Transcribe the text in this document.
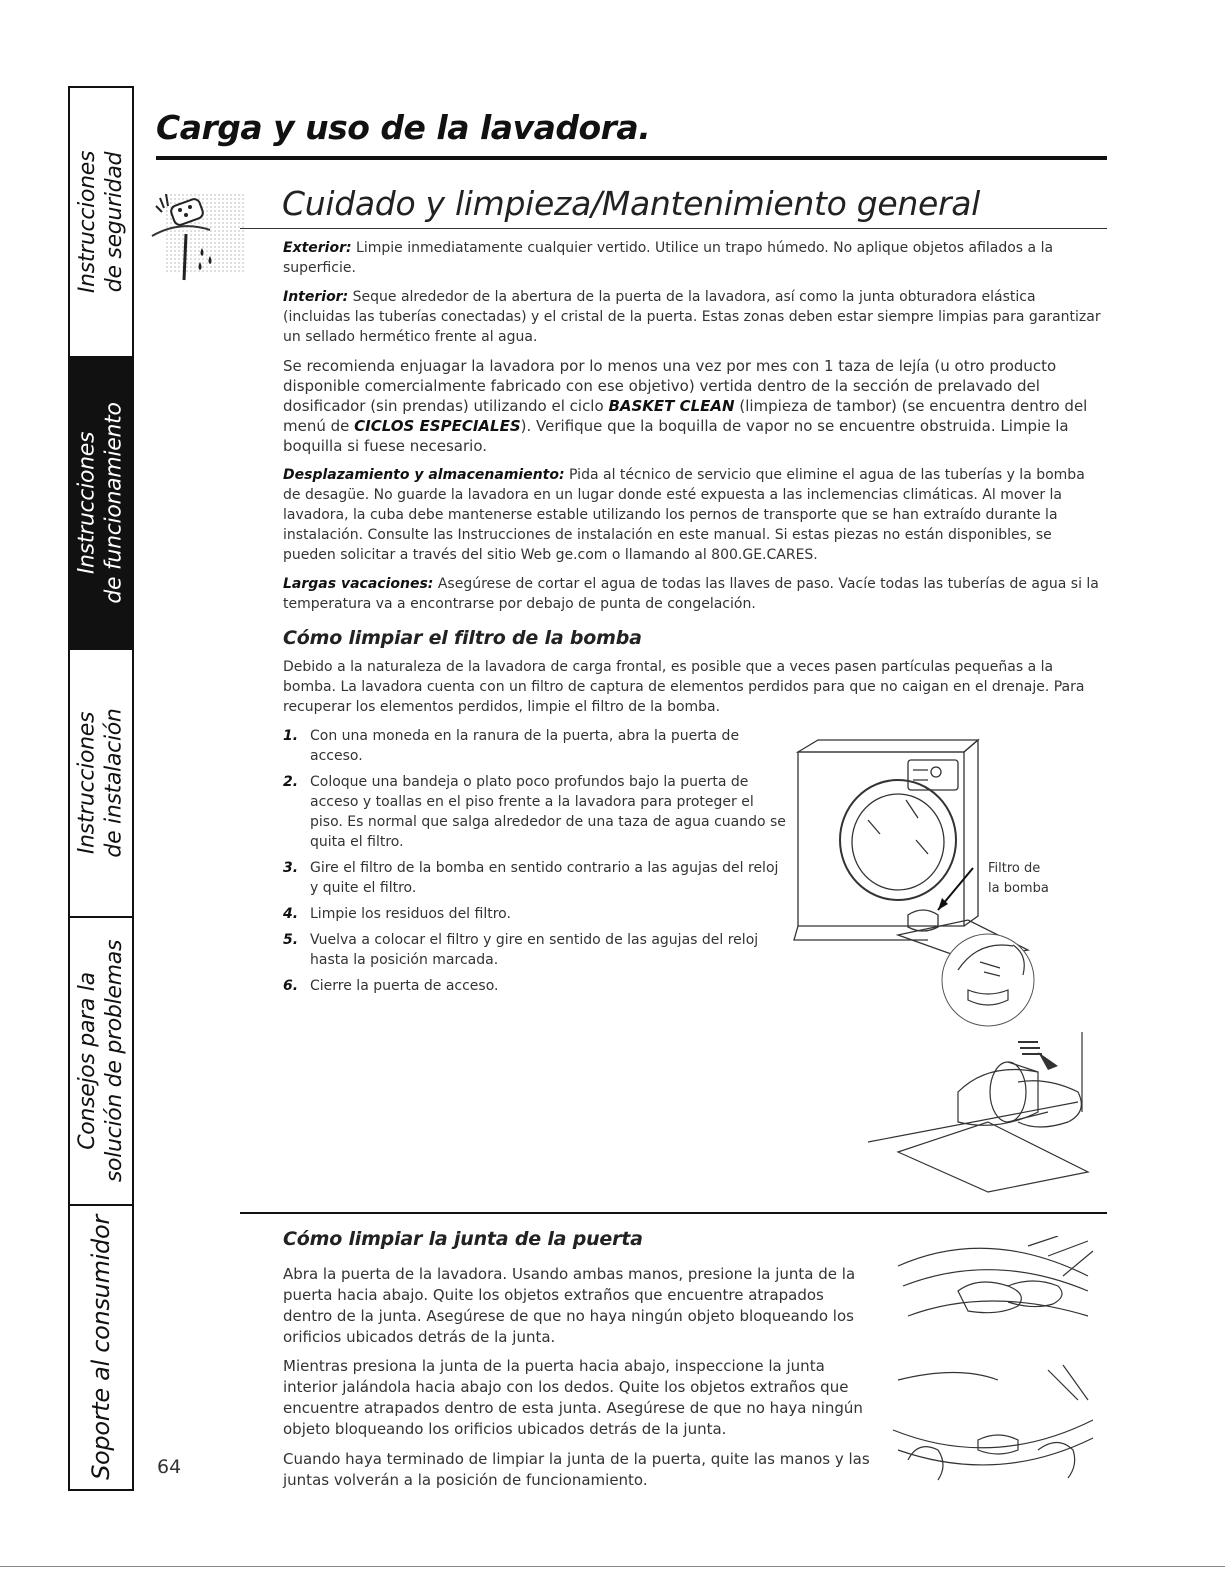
Instrucciones de seguridad
Instrucciones de funcionamiento
Instrucciones de instalación
Consejos para la solución de problemas
Soporte al consumidor
Carga y uso de la lavadora.
Cuidado y limpieza/Mantenimiento general

Exterior: Limpie inmediatamente cualquier vertido. Utilice un trapo húmedo. No aplique objetos afilados a la superficie.

Interior: Seque alrededor de la abertura de la puerta de la lavadora, así como la junta obturadora elástica (incluidas las tuberías conectadas) y el cristal de la puerta. Estas zonas deben estar siempre limpias para garantizar un sellado hermético frente al agua.

Se recomienda enjuagar la lavadora por lo menos una vez por mes con 1 taza de lejía (u otro producto disponible comercialmente fabricado con ese objetivo) vertida dentro de la sección de prelavado del dosificador (sin prendas) utilizando el ciclo BASKET CLEAN (limpieza de tambor) (se encuentra dentro del menú de CICLOS ESPECIALES). Verifique que la boquilla de vapor no se encuentre obstruida. Limpie la boquilla si fuese necesario.

Desplazamiento y almacenamiento: Pida al técnico de servicio que elimine el agua de las tuberías y la bomba de desagüe. No guarde la lavadora en un lugar donde esté expuesta a las inclemencias climáticas. Al mover la lavadora, la cuba debe mantenerse estable utilizando los pernos de transporte que se han extraído durante la instalación. Consulte las Instrucciones de instalación en este manual. Si estas piezas no están disponibles, se pueden solicitar a través del sitio Web ge.com o llamando al 800.GE.CARES.

Largas vacaciones: Asegúrese de cortar el agua de todas las llaves de paso. Vacíe todas las tuberías de agua si la temperatura va a encontrarse por debajo de punta de congelación.

Cómo limpiar el filtro de la bomba

Debido a la naturaleza de la lavadora de carga frontal, es posible que a veces pasen partículas pequeñas a la bomba. La lavadora cuenta con un filtro de captura de elementos perdidos para que no caigan en el drenaje. Para recuperar los elementos perdidos, limpie el filtro de la bomba.

1. Con una moneda en la ranura de la puerta, abra la puerta de acceso.
2. Coloque una bandeja o plato poco profundos bajo la puerta de acceso y toallas en el piso frente a la lavadora para proteger el piso. Es normal que salga alrededor de una taza de agua cuando se quita el filtro.
3. Gire el filtro de la bomba en sentido contrario a las agujas del reloj y quite el filtro.
4. Limpie los residuos del filtro.
5. Vuelva a colocar el filtro y gire en sentido de las agujas del reloj hasta la posición marcada.
6. Cierre la puerta de acceso.
Filtro de
la bomba
Cómo limpiar la junta de la puerta

Abra la puerta de la lavadora. Usando ambas manos, presione la junta de la puerta hacia abajo. Quite los objetos extraños que encuentre atrapados dentro de la junta. Asegúrese de que no haya ningún objeto bloqueando los orificios ubicados detrás de la junta.

Mientras presiona la junta de la puerta hacia abajo, inspeccione la junta interior jalándola hacia abajo con los dedos. Quite los objetos extraños que encuentre atrapados dentro de esta junta. Asegúrese de que no haya ningún objeto bloqueando los orificios ubicados detrás de la junta.

Cuando haya terminado de limpiar la junta de la puerta, quite las manos y las juntas volverán a la posición de funcionamiento.

64
